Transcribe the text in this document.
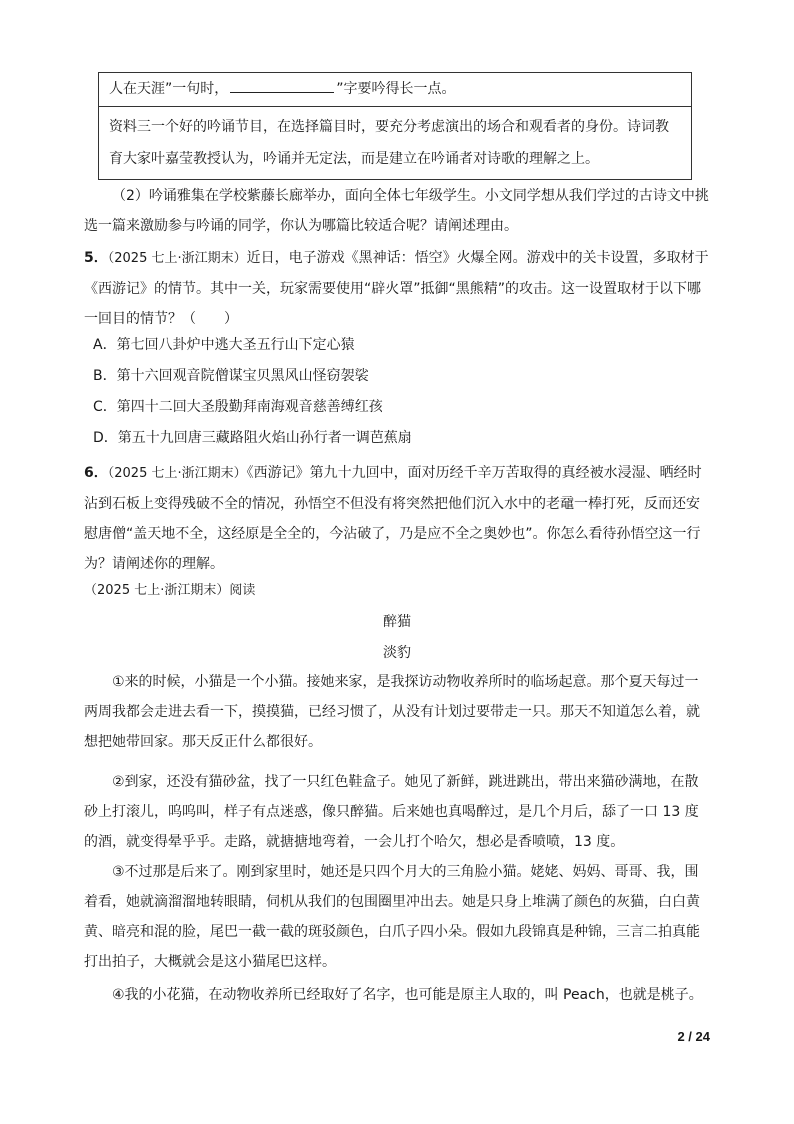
人在天涯”一句时，	”字要吟得长一点。
资料三一个好的吟诵节目，在选择篇目时，要充分考虑演出的场合和观看者的身份。诗词教育大家叶嘉莹教授认为，吟诵并无定法，而是建立在吟诵者对诗歌的理解之上。

（2）吟诵雅集在学校紫藤长廊举办，面向全体七年级学生。小文同学想从我们学过的古诗文中挑选一篇来激励参与吟诵的同学，你认为哪篇比较适合呢？请阐述理由。

5．（2025 七上·浙江期末）近日，电子游戏《黑神话：悟空》火爆全网。游戏中的关卡设置，多取材于《西游记》的情节。其中一关，玩家需要使用“辟火罩”抵御“黑熊精”的攻击。这一设置取材于以下哪一回目的情节？（　　）

A．第七回八卦炉中逃大圣五行山下定心猿

B．第十六回观音院僧谋宝贝黑风山怪窃袈裟

C．第四十二回大圣殷勤拜南海观音慈善缚红孩

D．第五十九回唐三藏路阻火焰山孙行者一调芭蕉扇

6．（2025 七上·浙江期末）《西游记》第九十九回中，面对历经千辛万苦取得的真经被水浸湿、晒经时沾到石板上变得残破不全的情况，孙悟空不但没有将突然把他们沉入水中的老黿一棒打死，反而还安慰唐僧“盖天地不全，这经原是全全的，今沾破了，乃是应不全之奥妙也”。你怎么看待孙悟空这一行为？请阐述你的理解。

（2025 七上·浙江期末）阅读

醉猫

淡豹

①来的时候，小猫是一个小猫。接她来家，是我探访动物收养所时的临场起意。那个夏天每过一两周我都会走进去看一下，摸摸猫，已经习惯了，从没有计划过要带走一只。那天不知道怎么着，就想把她带回家。那天反正什么都很好。

②到家，还没有猫砂盆，找了一只红色鞋盒子。她见了新鲜，跳进跳出，带出来猫砂满地，在散砂上打滚儿，呜呜叫，样子有点迷惑，像只醉猫。后来她也真喝醉过，是几个月后，舔了一口 13 度的酒，就变得晕乎乎。走路，就搪搪地弯着，一会儿打个哈欠，想必是香喷喷，13 度。

③不过那是后来了。刚到家里时，她还是只四个月大的三角脸小猫。姥姥、妈妈、哥哥、我，围着看，她就滴溜溜地转眼睛，伺机从我们的包围圈里冲出去。她是只身上堆满了颜色的灰猫，白白黄黄、暗亮和混的脸，尾巴一截一截的斑驳颜色，白爪子四小朵。假如九段锦真是种锦，三言二拍真能打出拍子，大概就会是这小猫尾巴这样。

④我的小花猫，在动物收养所已经取好了名字，也可能是原主人取的，叫 Peach，也就是桃子。

2 / 24
